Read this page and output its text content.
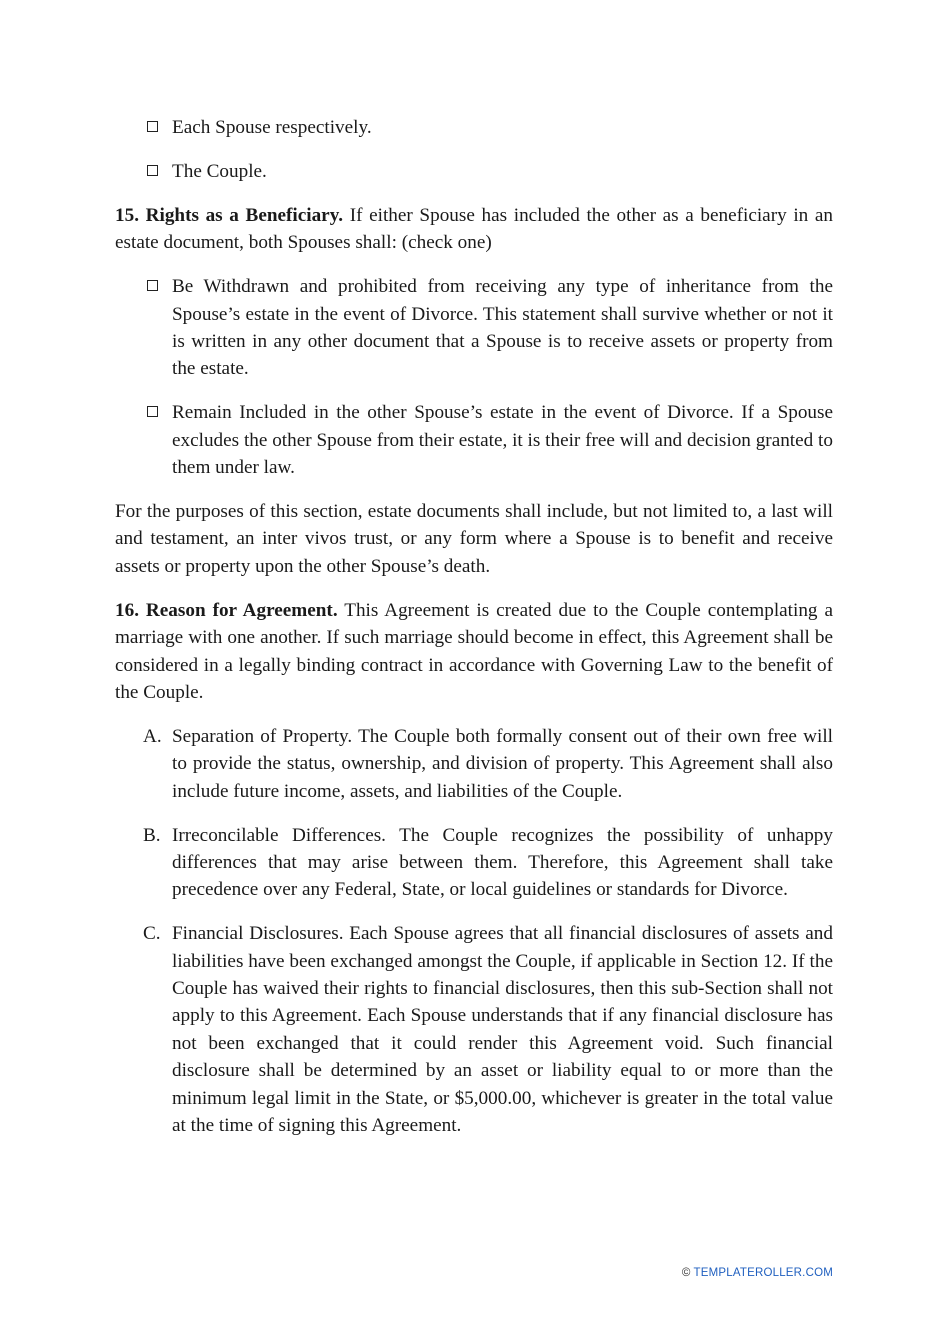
Each Spouse respectively.
The Couple.

15. Rights as a Beneficiary. If either Spouse has included the other as a beneficiary in an estate document, both Spouses shall: (check one)

Be Withdrawn and prohibited from receiving any type of inheritance from the Spouse’s estate in the event of Divorce. This statement shall survive whether or not it is written in any other document that a Spouse is to receive assets or property from the estate.
Remain Included in the other Spouse’s estate in the event of Divorce. If a Spouse excludes the other Spouse from their estate, it is their free will and decision granted to them under law.

For the purposes of this section, estate documents shall include, but not limited to, a last will and testament, an inter vivos trust, or any form where a Spouse is to benefit and receive assets or property upon the other Spouse’s death.

16. Reason for Agreement. This Agreement is created due to the Couple contemplating a marriage with one another. If such marriage should become in effect, this Agreement shall be considered in a legally binding contract in accordance with Governing Law to the benefit of the Couple.

A. Separation of Property. The Couple both formally consent out of their own free will to provide the status, ownership, and division of property. This Agreement shall also include future income, assets, and liabilities of the Couple.
B. Irreconcilable Differences. The Couple recognizes the possibility of unhappy differences that may arise between them. Therefore, this Agreement shall take precedence over any Federal, State, or local guidelines or standards for Divorce.
C. Financial Disclosures. Each Spouse agrees that all financial disclosures of assets and liabilities have been exchanged amongst the Couple, if applicable in Section 12. If the Couple has waived their rights to financial disclosures, then this sub-Section shall not apply to this Agreement. Each Spouse understands that if any financial disclosure has not been exchanged that it could render this Agreement void. Such financial disclosure shall be determined by an asset or liability equal to or more than the minimum legal limit in the State, or $5,000.00, whichever is greater in the total value at the time of signing this Agreement.
© TEMPLATEROLLER.COM
